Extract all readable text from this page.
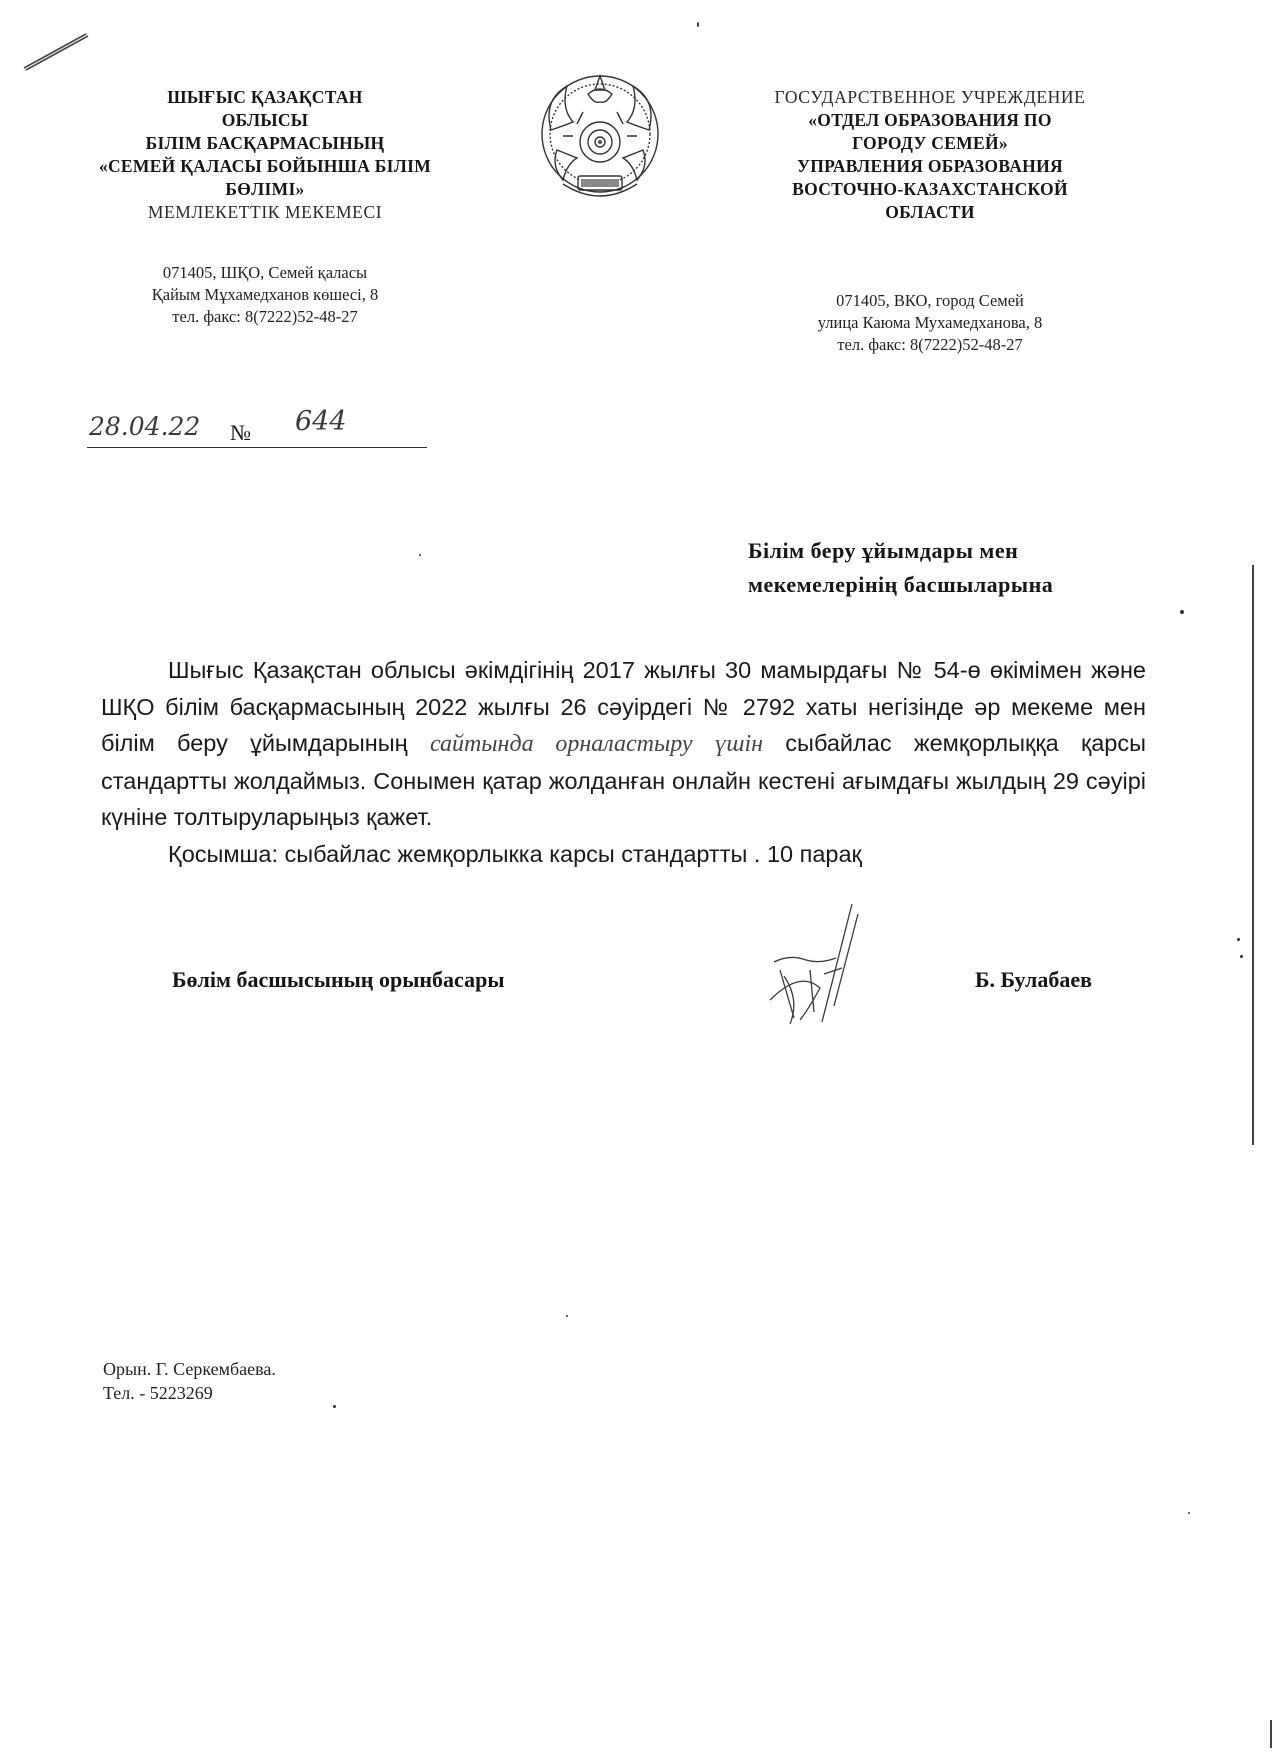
ШЫҒЫС ҚАЗАҚСТАН
ОБЛЫСЫ
БІЛІМ БАСҚАРМАСЫНЫҢ
«СЕМЕЙ ҚАЛАСЫ БОЙЫНША БІЛІМ
БӨЛІМІ»
МЕМЛЕКЕТТІК МЕКЕМЕСІ
071405, ШҚО, Семей қаласы
Қайым Мұхамедханов көшесі, 8
тел. факс: 8(7222)52-48-27
ГОСУДАРСТВЕННОЕ УЧРЕЖДЕНИЕ
«ОТДЕЛ ОБРАЗОВАНИЯ ПО
ГОРОДУ СЕМЕЙ»
УПРАВЛЕНИЯ ОБРАЗОВАНИЯ
ВОСТОЧНО-КАЗАХСТАНСКОЙ
ОБЛАСТИ
071405, ВКО, город Семей
улица Каюма Мухамедханова, 8
тел. факс: 8(7222)52-48-27
28.04.22 № 644
Білім беру ұйымдары мен
мекемелерінің басшыларына

Шығыс Қазақстан облысы әкімдігінің 2017 жылғы 30 мамырдағы № 54-ө өкімімен және ШҚО білім басқармасының 2022 жылғы 26 сәуірдегі № 2792 хаты негізінде әр мекеме мен білім беру ұйымдарының сайтында орналастыру үшін сыбайлас жемқорлыққа қарсы стандартты жолдаймыз. Сонымен қатар жолданған онлайн кестені ағымдағы жылдың 29 сәуірі күніне толтыруларыңыз қажет.

Қосымша: сыбайлас жемқорлыкка карсы стандартты . 10 парақ

Бөлім басшысының орынбасары	Б. Булабаев
Орын. Г. Серкембаева.
Тел. - 5223269
